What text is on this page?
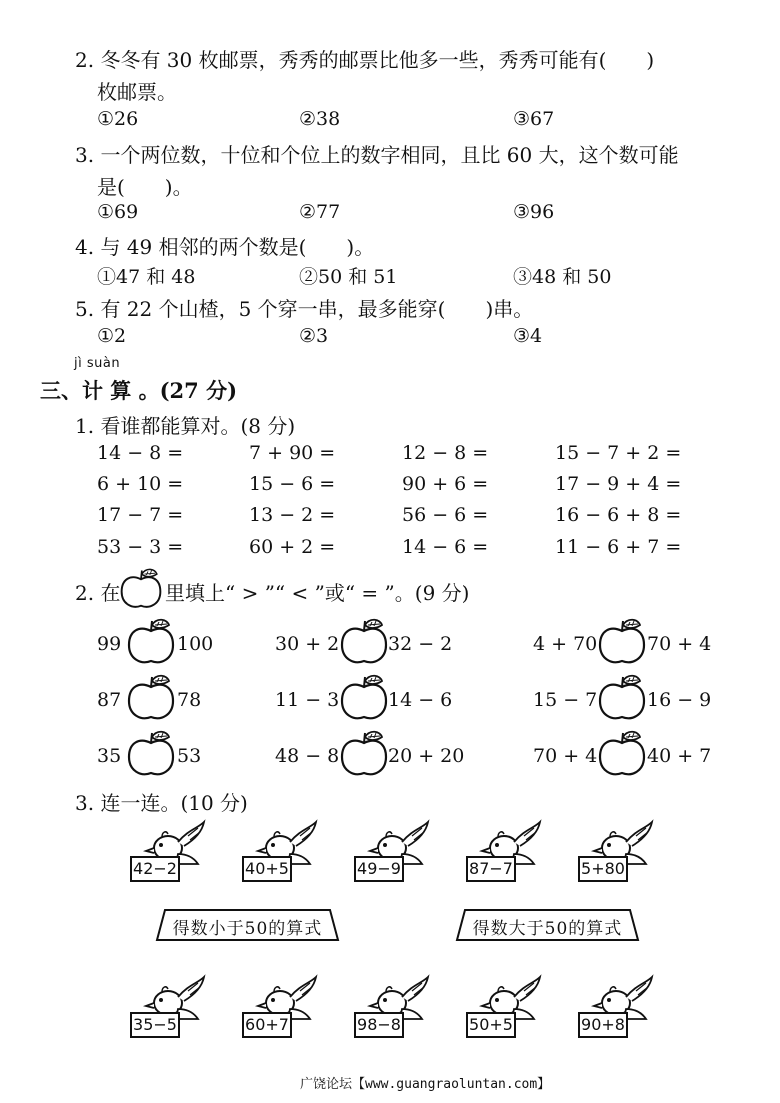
2. 冬冬有 30 枚邮票，秀秀的邮票比他多一些，秀秀可能有(　　)
枚邮票。
①26	②38	③67
3. 一个两位数，十位和个位上的数字相同，且比 60 大，这个数可能
是(　　)。
①69	②77	③96
4. 与 49 相邻的两个数是(　　)。
①47 和 48	②50 和 51	③48 和 50
5. 有 22 个山楂，5 个穿一串，最多能穿(　　)串。
①2	②3	③4
jì suàn
三、计 算 。(27 分)
1. 看谁都能算对。(8 分)
14 − 8 =	7 + 90 =	12 − 8 =	15 − 7 + 2 =
6 + 10 =	15 − 6 =	90 + 6 =	17 − 9 + 4 =
17 − 7 =	13 − 2 =	56 − 6 =	16 − 6 + 8 =
53 − 3 =	60 + 2 =	14 − 6 =	11 − 6 + 7 =
2. 在 里填上“ > ”“ < ”或“ = ”。(9 分)
99	100	30 + 2	32 − 2	4 + 70	70 + 4
87	78	11 − 3	14 − 6	15 − 7	16 − 9
35	53	48 − 8	20 + 20	70 + 4	40 + 7
3. 连一连。(10 分)
42−2	40+5	49−9	87−7	5+80
35−5	60+7	98−8	50+5	90+8
得数小于50的算式	得数大于50的算式
广饶论坛【www.guangraoluntan.com】
